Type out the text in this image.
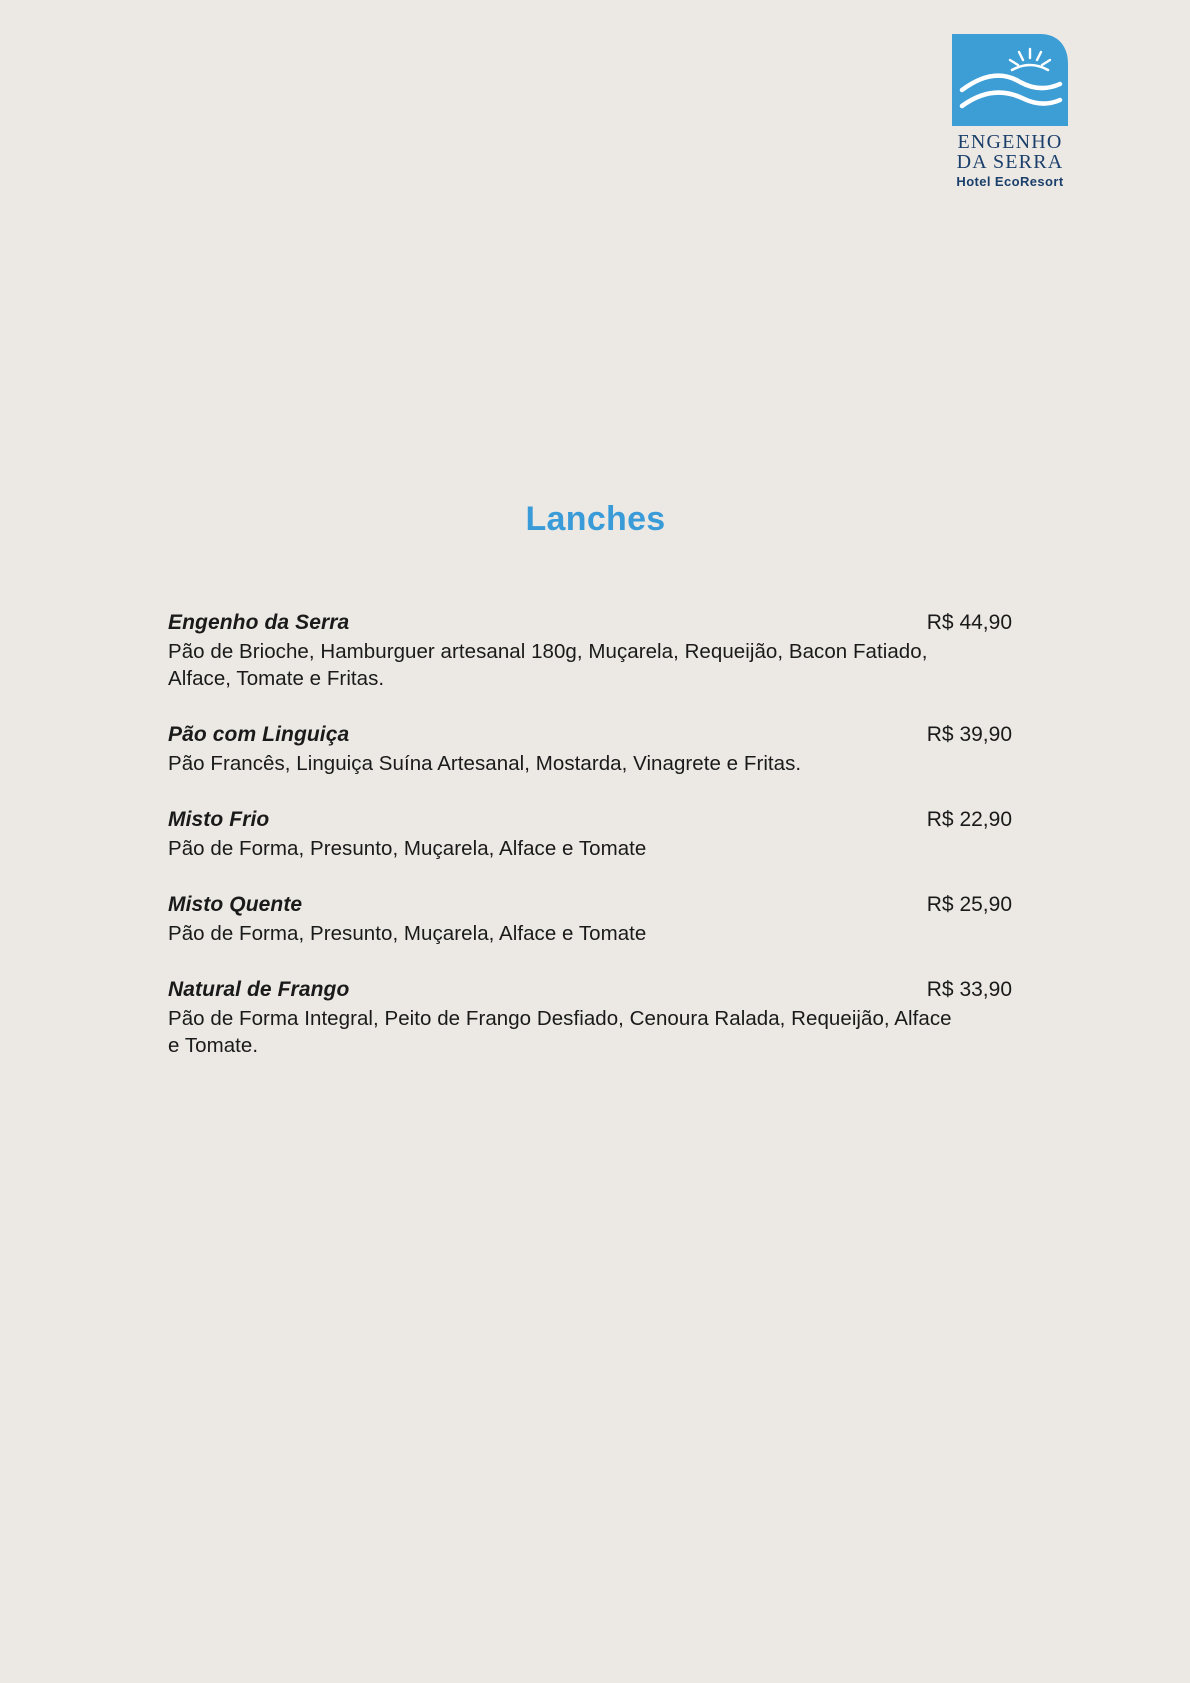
ENGENHO
DA SERRA
Hotel EcoResort
Lanches
Engenho da Serra	R$ 44,90
Pão de Brioche, Hamburguer artesanal 180g, Muçarela, Requeijão, Bacon Fatiado, Alface, Tomate e Fritas.
Pão com Linguiça	R$ 39,90
Pão Francês, Linguiça Suína Artesanal, Mostarda, Vinagrete e Fritas.
Misto Frio	R$ 22,90
Pão de Forma, Presunto, Muçarela, Alface e Tomate
Misto Quente	R$ 25,90
Pão de Forma, Presunto, Muçarela, Alface e Tomate
Natural de Frango	R$ 33,90
Pão de Forma Integral, Peito de Frango Desfiado, Cenoura Ralada, Requeijão, Alface e Tomate.
